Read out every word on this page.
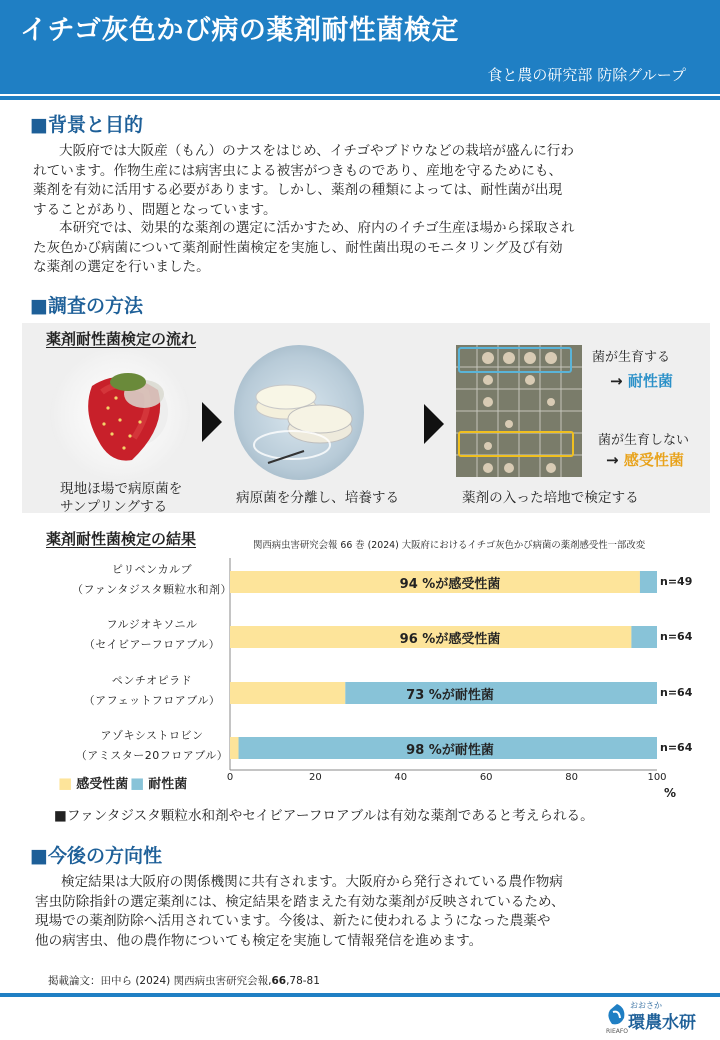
イチゴ灰色かび病の薬剤耐性菌検定
食と農の研究部 防除グループ
■背景と目的
大阪府では大阪産（もん）のナスをはじめ、イチゴやブドウなどの栽培が盛んに行わ
れています。作物生産には病害虫による被害がつきものであり、産地を守るためにも、
薬剤を有効に活用する必要があります。しかし、薬剤の種類によっては、耐性菌が出現
することがあり、問題となっています。
本研究では、効果的な薬剤の選定に活かすため、府内のイチゴ生産ほ場から採取され
た灰色かび病菌について薬剤耐性菌検定を実施し、耐性菌出現のモニタリング及び有効
な薬剤の選定を行いました。
■調査の方法
薬剤耐性菌検定の流れ
菌が生育する
→ 耐性菌
菌が生育しない
→ 感受性菌
現地ほ場で病原菌を
サンプリングする
病原菌を分離し、培養する	薬剤の入った培地で検定する
薬剤耐性菌検定の結果	関西病虫害研究会報 66 巻 (2024) 大阪府におけるイチゴ灰色かび病菌の薬剤感受性一部改変
ピリベンカルブ
（ファンタジスタ顆粒水和剤）	94 %が感受性菌	n=49
フルジオキソニル
（セイビアーフロアブル）	96 %が感受性菌	n=64
ペンチオピラド
（アフェットフロアブル）	73 %が耐性菌	n=64
アゾキシストロビン
（アミスター20フロアブル）	98 %が耐性菌	n=64
0	20	40	60	80	100
■ 感受性菌 ■ 耐性菌
%
■ファンタジスタ顆粒水和剤やセイビアーフロアブルは有効な薬剤であると考えられる。
■今後の方向性
検定結果は大阪府の関係機関に共有されます。大阪府から発行されている農作物病
害虫防除指針の選定薬剤には、検定結果を踏まえた有効な薬剤が反映されているため、
現場での薬剤防除へ活用されています。今後は、新たに使われるようになった農薬や
他の病害虫、他の農作物についても検定を実施して情報発信を進めます。
掲載論文：田中ら (2024) 関西病虫害研究会報,66,78-81
おおさか
環農水研
RIEAFO
